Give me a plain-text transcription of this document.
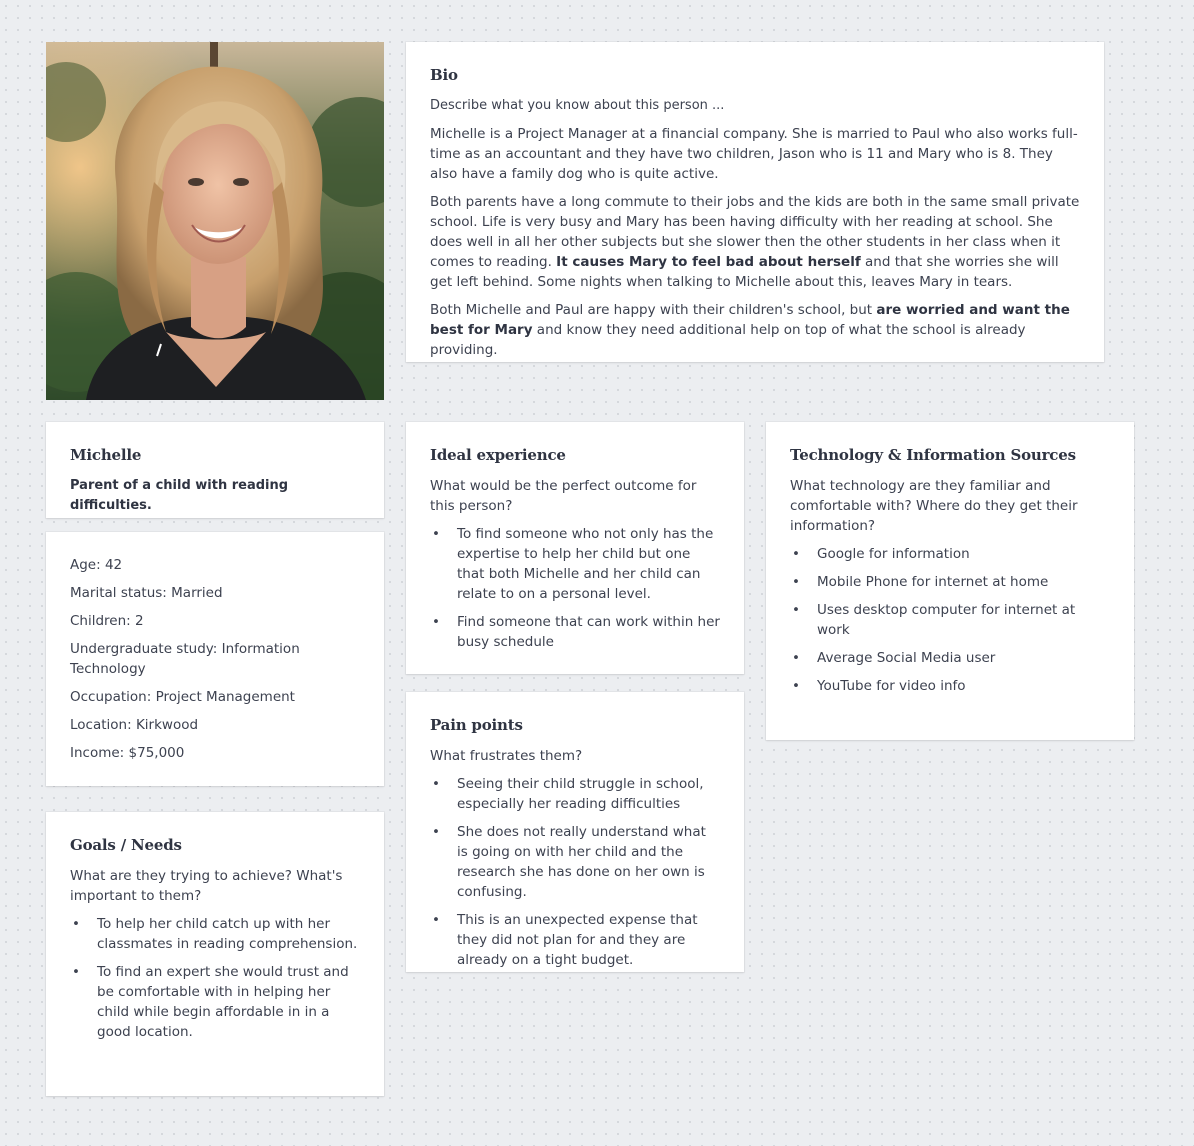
Bio

Describe what you know about this person ...

Michelle is a Project Manager at a financial company. She is married to Paul who also works full-time as an accountant and they have two children, Jason who is 11 and Mary who is 8. They also have a family dog who is quite active.

Both parents have a long commute to their jobs and the kids are both in the same small private school. Life is very busy and Mary has been having difficulty with her reading at school. She does well in all her other subjects but she slower then the other students in her class when it comes to reading. It causes Mary to feel bad about herself and that she worries she will get left behind. Some nights when talking to Michelle about this, leaves Mary in tears.

Both Michelle and Paul are happy with their children's school, but are worried and want the best for Mary and know they need additional help on top of what the school is already providing.

Michelle

Parent of a child with reading difficulties.

Age: 42
Marital status: Married
Children: 2
Undergraduate study: Information Technology
Occupation: Project Management
Location: Kirkwood
Income: $75,000
Goals / Needs

What are they trying to achieve? What's important to them?

• To help her child catch up with her classmates in reading comprehension.
• To find an expert she would trust and be comfortable with in helping her child while begin affordable in in a good location.
Ideal experience

What would be the perfect outcome for this person?

• To find someone who not only has the expertise to help her child but one that both Michelle and her child can relate to on a personal level.
• Find someone that can work within her busy schedule
Pain points

What frustrates them?

• Seeing their child struggle in school, especially her reading difficulties
• She does not really understand what is going on with her child and the research she has done on her own is confusing.
• This is an unexpected expense that they did not plan for and they are already on a tight budget.
Technology & Information Sources

What technology are they familiar and comfortable with? Where do they get their information?

• Google for information
• Mobile Phone for internet at home
• Uses desktop computer for internet at work
• Average Social Media user
• YouTube for video info
